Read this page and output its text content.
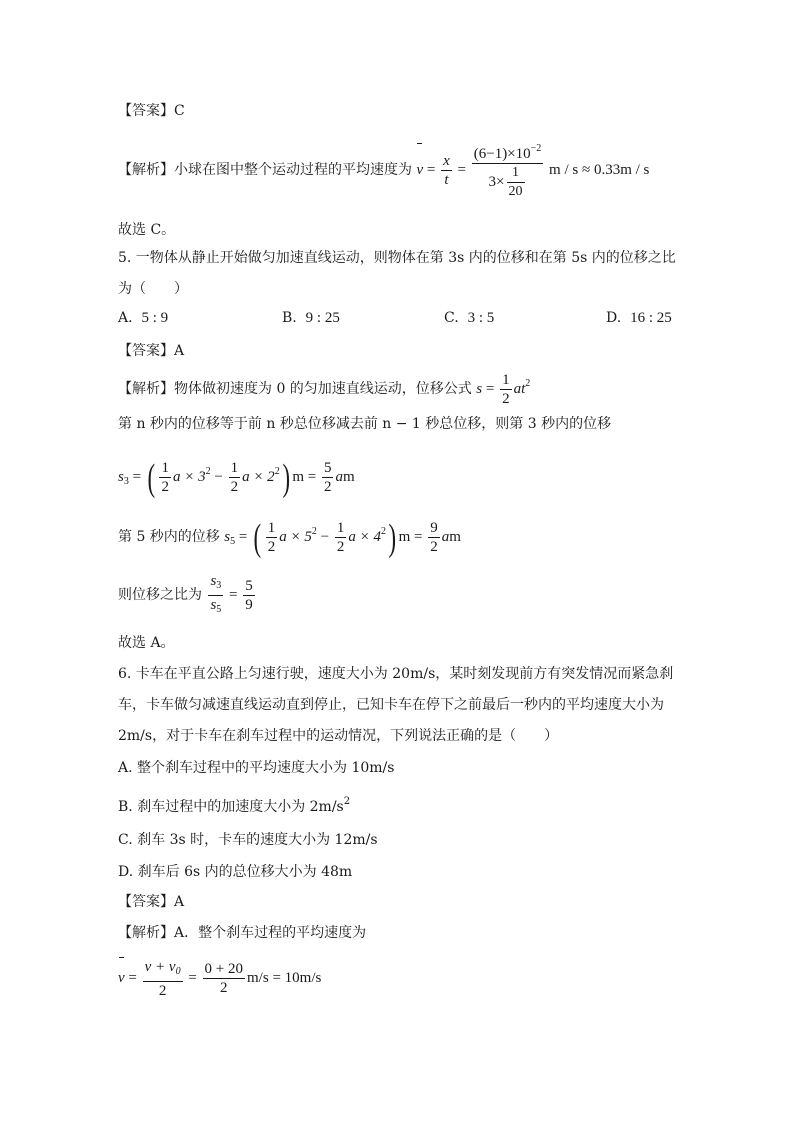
【答案】C
【解析】小球在图中整个运动过程的平均速度为 $v = \frac{x}{t} = \frac{(6-1)\times 10^{-2}}{3\times \frac{1}{20}}$ m / s ≈ 0.33m / s
故选 C。
5. 一物体从静止开始做匀加速直线运动，则物体在第 3s 内的位移和在第 5s 内的位移之比
为（　　）
A. 5 : 9	B. 9 : 25	C. 3 : 5	D. 16 : 25
【答案】A
【解析】物体做初速度为 0 的匀加速直线运动，位移公式 $s = \frac{1}{2} at^2$
第 n 秒内的位移等于前 n 秒总位移减去前 n − 1 秒总位移，则第 3 秒内的位移
$s_3$ = ( $\frac{1}{2}$ $a \times 3^2 - \frac{1}{2}$ $a \times 2^2$) $m = \frac{5}{2}$ am
第 5 秒内的位移 $s_5$ = ( $\frac{1}{2}$ $a \times 5^2 - \frac{1}{2}$ $a \times 4^2$) $m = \frac{9}{2}$ am
则位移之比为 $\frac{s_3}{s_5} = \frac{5}{9}$
故选 A。
6. 卡车在平直公路上匀速行驶，速度大小为 20m/s，某时刻发现前方有突发情况而紧急刹
车，卡车做匀减速直线运动直到停止，已知卡车在停下之前最后一秒内的平均速度大小为
2m/s，对于卡车在刹车过程中的运动情况，下列说法正确的是（　　）
A. 整个刹车过程中的平均速度大小为 10m/s
B. 刹车过程中的加速度大小为 $2m/s^2$
C. 刹车 3s 时，卡车的速度大小为 12m/s
D. 刹车后 6s 内的总位移大小为 48m
【答案】A
【解析】A．整个刹车过程的平均速度为
$v = \frac{v + v_0}{2} = \frac{0 + 20}{2} m/s = 10m/s$
